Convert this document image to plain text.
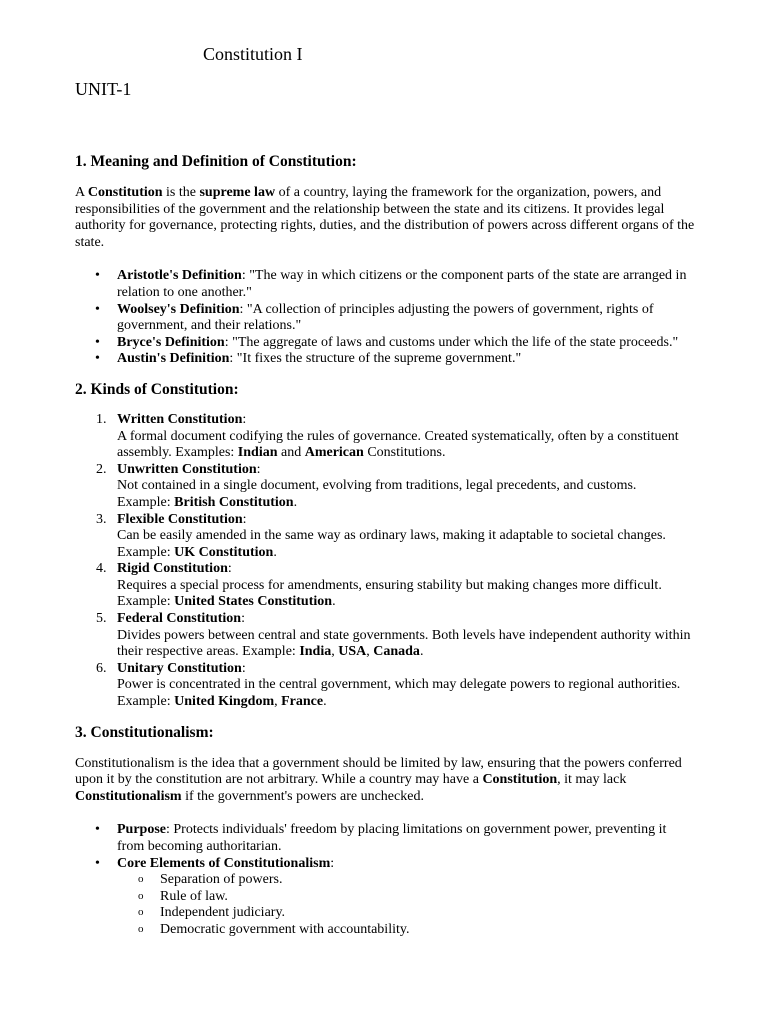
Constitution I
UNIT-1
1. Meaning and Definition of Constitution:

A Constitution is the supreme law of a country, laying the framework for the organization, powers, and responsibilities of the government and the relationship between the state and its citizens. It provides legal authority for governance, protecting rights, duties, and the distribution of powers across different organs of the state.

• Aristotle's Definition: "The way in which citizens or the component parts of the state are arranged in relation to one another."
• Woolsey's Definition: "A collection of principles adjusting the powers of government, rights of government, and their relations."
• Bryce's Definition: "The aggregate of laws and customs under which the life of the state proceeds."
• Austin's Definition: "It fixes the structure of the supreme government."
2. Kinds of Constitution:
1. Written Constitution:
A formal document codifying the rules of governance. Created systematically, often by a constituent assembly. Examples: Indian and American Constitutions.
2. Unwritten Constitution:
Not contained in a single document, evolving from traditions, legal precedents, and customs.
Example: British Constitution.
3. Flexible Constitution:
Can be easily amended in the same way as ordinary laws, making it adaptable to societal changes.
Example: UK Constitution.
4. Rigid Constitution:
Requires a special process for amendments, ensuring stability but making changes more difficult.
Example: United States Constitution.
5. Federal Constitution:
Divides powers between central and state governments. Both levels have independent authority within their respective areas. Example: India, USA, Canada.
6. Unitary Constitution:
Power is concentrated in the central government, which may delegate powers to regional authorities.
Example: United Kingdom, France.
3. Constitutionalism:

Constitutionalism is the idea that a government should be limited by law, ensuring that the powers conferred upon it by the constitution are not arbitrary. While a country may have a Constitution, it may lack Constitutionalism if the government's powers are unchecked.

• Purpose: Protects individuals' freedom by placing limitations on government power, preventing it from becoming authoritarian.
• Core Elements of Constitutionalism:
o Separation of powers.
o Rule of law.
o Independent judiciary.
o Democratic government with accountability.
